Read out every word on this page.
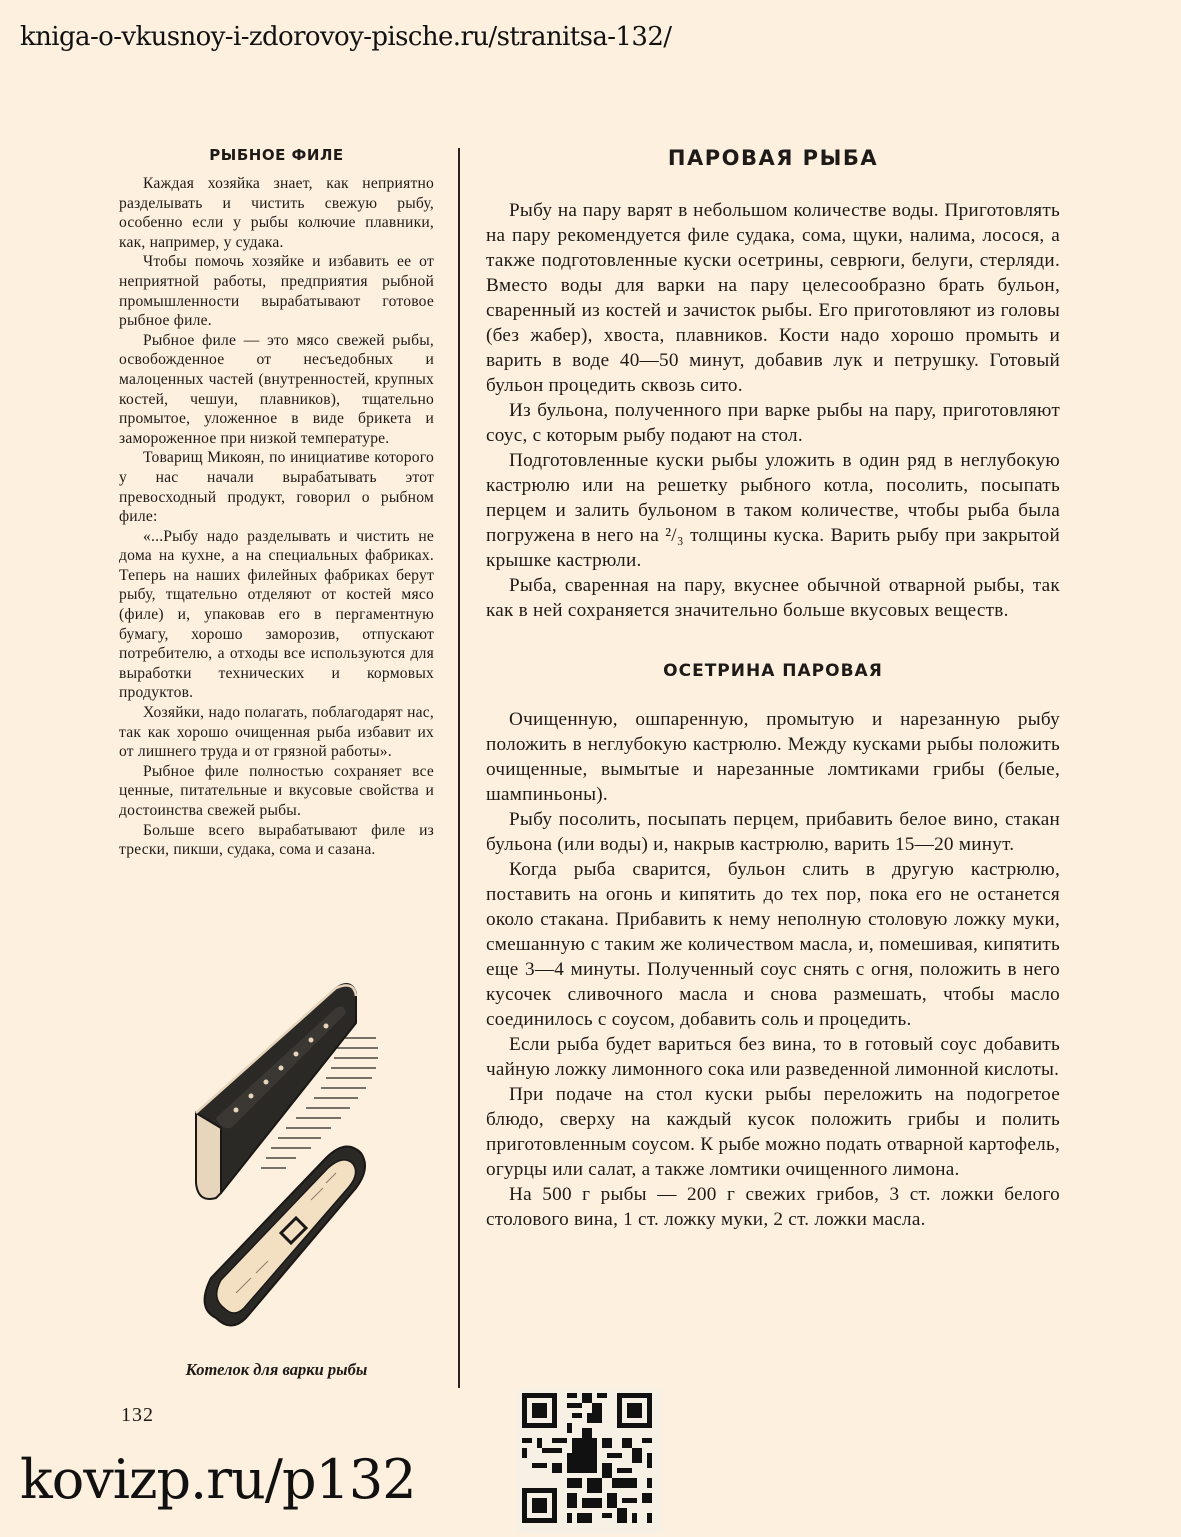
kniga-o-vkusnoy-i-zdorovoy-pische.ru/stranitsa-132/
РЫБНОЕ ФИЛЕ

Каждая хозяйка знает, как неприятно разделывать и чистить свежую рыбу, особенно если у рыбы колючие плавники, как, например, у судака.

Чтобы помочь хозяйке и избавить ее от неприятной работы, предприятия рыбной промышленности вырабатывают готовое рыбное филе.

Рыбное филе — это мясо свежей рыбы, освобожденное от несъедобных и малоценных частей (внутренностей, крупных костей, чешуи, плавников), тщательно промытое, уложенное в виде брикета и замороженное при низкой температуре.

Товарищ Микоян, по инициативе которого у нас начали вырабатывать этот превосходный продукт, говорил о рыбном филе:

«...Рыбу надо разделывать и чистить не дома на кухне, а на специальных фабриках. Теперь на наших филейных фабриках берут рыбу, тщательно отделяют от костей мясо (филе) и, упаковав его в пергаментную бумагу, хорошо заморозив, отпускают потребителю, а отходы все используются для выработки технических и кормовых продуктов.

Хозяйки, надо полагать, поблагодарят нас, так как хорошо очищенная рыба избавит их от лишнего труда и от грязной работы».

Рыбное филе полностью сохраняет все ценные, питательные и вкусовые свойства и достоинства свежей рыбы.

Больше всего вырабатывают филе из трески, пикши, судака, сома и сазана.

Котелок для варки рыбы
ПАРОВАЯ РЫБА

Рыбу на пару варят в небольшом количестве воды. Приготовлять на пару рекомендуется филе судака, сома, щуки, налима, лосося, а также подготовленные куски осетрины, севрюги, белуги, стерляди. Вместо воды для варки на пару целесообразно брать бульон, сваренный из костей и зачисток рыбы. Его приготовляют из головы (без жабер), хвоста, плавников. Кости надо хорошо промыть и варить в воде 40—50 минут, добавив лук и петрушку. Готовый бульон процедить сквозь сито.

Из бульона, полученного при варке рыбы на пару, приготовляют соус, с которым рыбу подают на стол.

Подготовленные куски рыбы уложить в один ряд в неглубокую кастрюлю или на решетку рыбного котла, посолить, посыпать перцем и залить бульоном в таком количестве, чтобы рыба была погружена в него на ²/₃ толщины куска. Варить рыбу при закрытой крышке кастрюли.

Рыба, сваренная на пару, вкуснее обычной отварной рыбы, так как в ней сохраняется значительно больше вкусовых веществ.

ОСЕТРИНА ПАРОВАЯ

Очищенную, ошпаренную, промытую и нарезанную рыбу положить в неглубокую кастрюлю. Между кусками рыбы положить очищенные, вымытые и нарезанные ломтиками грибы (белые, шампиньоны).

Рыбу посолить, посыпать перцем, прибавить белое вино, стакан бульона (или воды) и, накрыв кастрюлю, варить 15—20 минут.

Когда рыба сварится, бульон слить в другую кастрюлю, поставить на огонь и кипятить до тех пор, пока его не останется около стакана. Прибавить к нему неполную столовую ложку муки, смешанную с таким же количеством масла, и, помешивая, кипятить еще 3—4 минуты. Полученный соус снять с огня, положить в него кусочек сливочного масла и снова размешать, чтобы масло соединилось с соусом, добавить соль и процедить.

Если рыба будет вариться без вина, то в готовый соус добавить чайную ложку лимонного сока или разведенной лимонной кислоты.

При подаче на стол куски рыбы переложить на подогретое блюдо, сверху на каждый кусок положить грибы и полить приготовленным соусом. К рыбе можно подать отварной картофель, огурцы или салат, а также ломтики очищенного лимона.

На 500 г рыбы — 200 г свежих грибов, 3 ст. ложки белого столового вина, 1 ст. ложку муки, 2 ст. ложки масла.

132
kovizp.ru/p132
